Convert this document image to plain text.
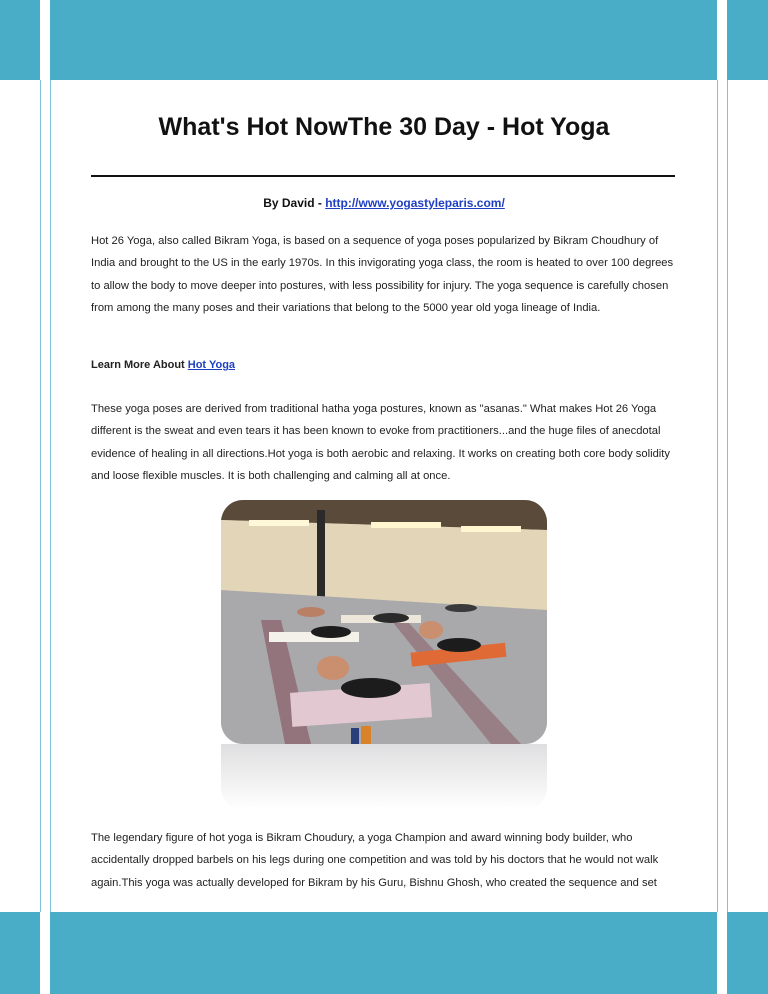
What's Hot NowThe 30 Day - Hot Yoga
By David - http://www.yogastyleparis.com/
Hot 26 Yoga, also called Bikram Yoga, is based on a sequence of yoga poses popularized by Bikram Choudhury of India and brought to the US in the early 1970s. In this invigorating yoga class, the room is heated to over 100 degrees to allow the body to move deeper into postures, with less possibility for injury. The yoga sequence is carefully chosen from among the many poses and their variations that belong to the 5000 year old yoga lineage of India.
Learn More About Hot Yoga
These yoga poses are derived from traditional hatha yoga postures, known as "asanas." What makes Hot 26 Yoga different is the sweat and even tears it has been known to evoke from practitioners...and the huge files of anecdotal evidence of healing in all directions.Hot yoga is both aerobic and relaxing. It works on creating both core body solidity and loose flexible muscles. It is both challenging and calming all at once.
The legendary figure of hot yoga is Bikram Choudury, a yoga Champion and award winning body builder, who accidentally dropped barbels on his legs during one competition and was told by his doctors that he would not walk again.This yoga was actually developed for Bikram by his Guru, Bishnu Ghosh, who created the sequence and set
